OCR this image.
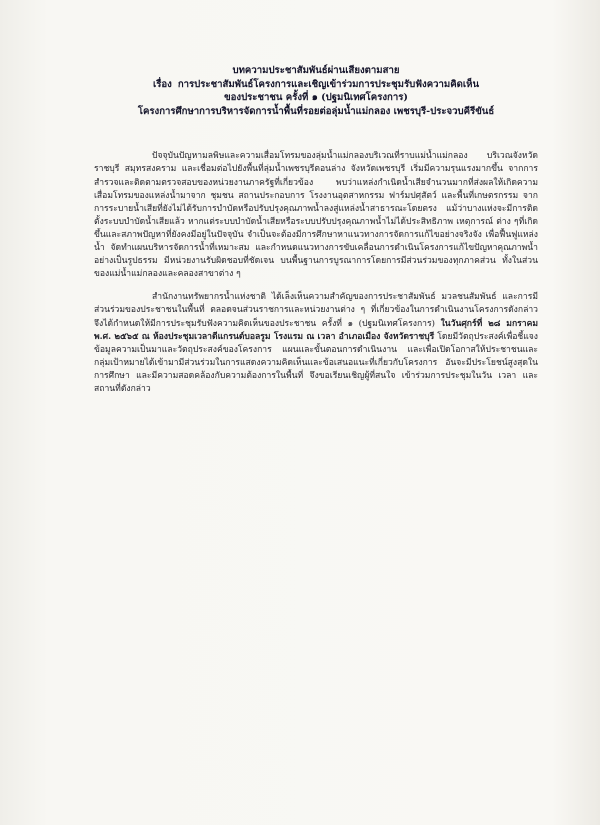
บทความประชาสัมพันธ์ผ่านเสียงตามสาย
เรื่อง การประชาสัมพันธ์โครงการและเชิญเข้าร่วมการประชุมรับฟังความคิดเห็น
ของประชาชน ครั้งที่ ๑ (ปฐมนิเทศโครงการ)
โครงการศึกษาการบริหารจัดการน้ำพื้นที่รอยต่อลุ่มน้ำแม่กลอง เพชรบุรี-ประจวบคีรีขันธ์

ปัจจุบันปัญหามลพิษและความเสื่อมโทรมของลุ่มน้ำแม่กลองบริเวณที่ราบแม่น้ำแม่กลอง บริเวณจังหวัดราชบุรี สมุทรสงคราม และเชื่อมต่อไปยังพื้นที่ลุ่มน้ำเพชรบุรีตอนล่าง จังหวัดเพชรบุรี เริ่มมีความรุนแรงมากขึ้น จากการสำรวจและติดตามตรวจสอบของหน่วยงานภาครัฐที่เกี่ยวข้อง พบว่าแหล่งกำเนิดน้ำเสียจำนวนมากที่ส่งผลให้เกิดความเสื่อมโทรมของแหล่งน้ำมาจาก ชุมชน สถานประกอบการ โรงงานอุตสาหกรรม ฟาร์มปศุสัตว์ และพื้นที่เกษตรกรรม จากการระบายน้ำเสียที่ยังไม่ได้รับการบำบัดหรือปรับปรุงคุณภาพน้ำลงสู่แหล่งน้ำสาธารณะโดยตรง แม้ว่าบางแห่งจะมีการติดตั้งระบบบำบัดน้ำเสียแล้ว หากแต่ระบบบำบัดน้ำเสียหรือระบบปรับปรุงคุณภาพน้ำไม่ได้ประสิทธิภาพ เหตุการณ์ ต่าง ๆที่เกิดขึ้นและสภาพปัญหาที่ยังคงมีอยู่ในปัจจุบัน จำเป็นจะต้องมีการศึกษาหาแนวทางการจัดการแก้ไขอย่างจริงจัง เพื่อฟื้นฟูแหล่งน้ำ จัดทำแผนบริหารจัดการน้ำที่เหมาะสม และกำหนดแนวทางการขับเคลื่อนการดำเนินโครงการแก้ไขปัญหาคุณภาพน้ำอย่างเป็นรูปธรรม มีหน่วยงานรับผิดชอบที่ชัดเจน บนพื้นฐานการบูรณาการโดยการมีส่วนร่วมของทุกภาคส่วน ทั้งในส่วนของแม่น้ำแม่กลองและคลองสาขาต่าง ๆ

สำนักงานทรัพยากรน้ำแห่งชาติ ได้เล็งเห็นความสำคัญของการประชาสัมพันธ์ มวลชนสัมพันธ์ และการมีส่วนร่วมของประชาชนในพื้นที่ ตลอดจนส่วนราชการและหน่วยงานต่าง ๆ ที่เกี่ยวข้องในการดำเนินงานโครงการดังกล่าว จึงได้กำหนดให้มีการประชุมรับฟังความคิดเห็นของประชาชน ครั้งที่ ๑ (ปฐมนิเทศโครงการ) ในวันศุกร์ที่ ๒๘ มกราคม พ.ศ. ๒๕๖๕ ณ ห้องประชุมเวลาดีแกรนด์บอลรูม โรงแรม ณ เวลา อำเภอเมือง จังหวัดราชบุรี โดยมีวัตถุประสงค์เพื่อชี้แจงข้อมูลความเป็นมาและวัตถุประสงค์ของโครงการ แผนและขั้นตอนการดำเนินงาน และเพื่อเปิดโอกาสให้ประชาชนและกลุ่มเป้าหมายได้เข้ามามีส่วนร่วมในการแสดงความคิดเห็นและข้อเสนอแนะที่เกี่ยวกับโครงการ อันจะมีประโยชน์สูงสุดในการศึกษา และมีความสอดคล้องกับความต้องการในพื้นที่ จึงขอเรียนเชิญผู้ที่สนใจ เข้าร่วมการประชุมในวัน เวลา และสถานที่ดังกล่าว
